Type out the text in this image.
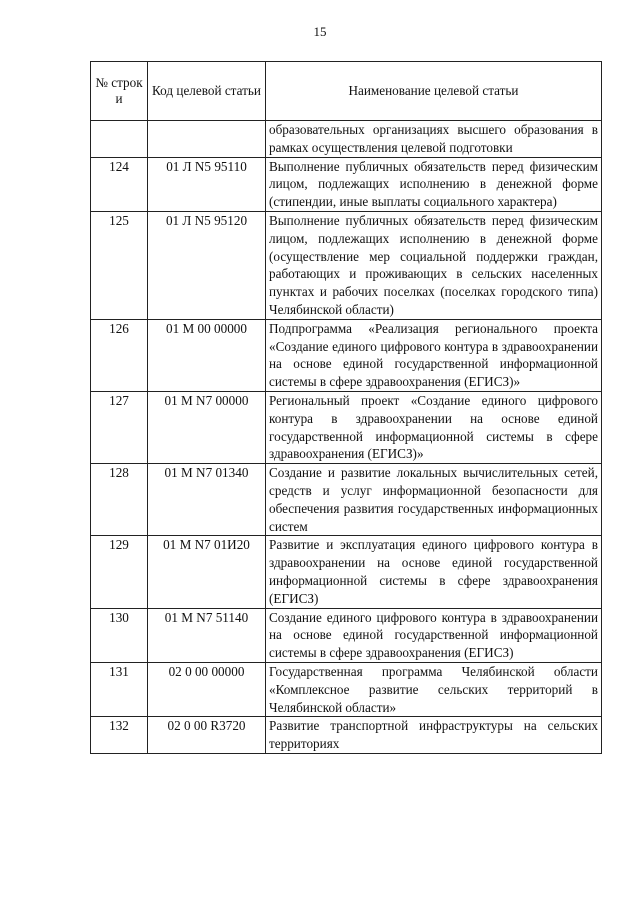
15
№ строк и	Код целевой статьи	Наименование целевой статьи
		образовательных организациях высшего образования в рамках осуществления целевой подготовки
124	01 Л N5 95110	Выполнение публичных обязательств перед физическим лицом, подлежащих исполнению в денежной форме (стипендии, иные выплаты социального характера)
125	01 Л N5 95120	Выполнение публичных обязательств перед физическим лицом, подлежащих исполнению в денежной форме (осуществление мер социальной поддержки граждан, работающих и проживающих в сельских населенных пунктах и рабочих поселках (поселках городского типа) Челябинской области)
126	01 М 00 00000	Подпрограмма «Реализация регионального проекта «Создание единого цифрового контура в здравоохранении на основе единой государственной информационной системы в сфере здравоохранения (ЕГИСЗ)»
127	01 М N7 00000	Региональный проект «Создание единого цифрового контура в здравоохранении на основе единой государственной информационной системы в сфере здравоохранения (ЕГИСЗ)»
128	01 М N7 01340	Создание и развитие локальных вычислительных сетей, средств и услуг информационной безопасности для обеспечения развития государственных информационных систем
129	01 М N7 01И20	Развитие и эксплуатация единого цифрового контура в здравоохранении на основе единой государственной информационной системы в сфере здравоохранения (ЕГИСЗ)
130	01 М N7 51140	Создание единого цифрового контура в здравоохранении на основе единой государственной информационной системы в сфере здравоохранения (ЕГИСЗ)
131	02 0 00 00000	Государственная программа Челябинской области «Комплексное развитие сельских территорий в Челябинской области»
132	02 0 00 R3720	Развитие транспортной инфраструктуры на сельских территориях
